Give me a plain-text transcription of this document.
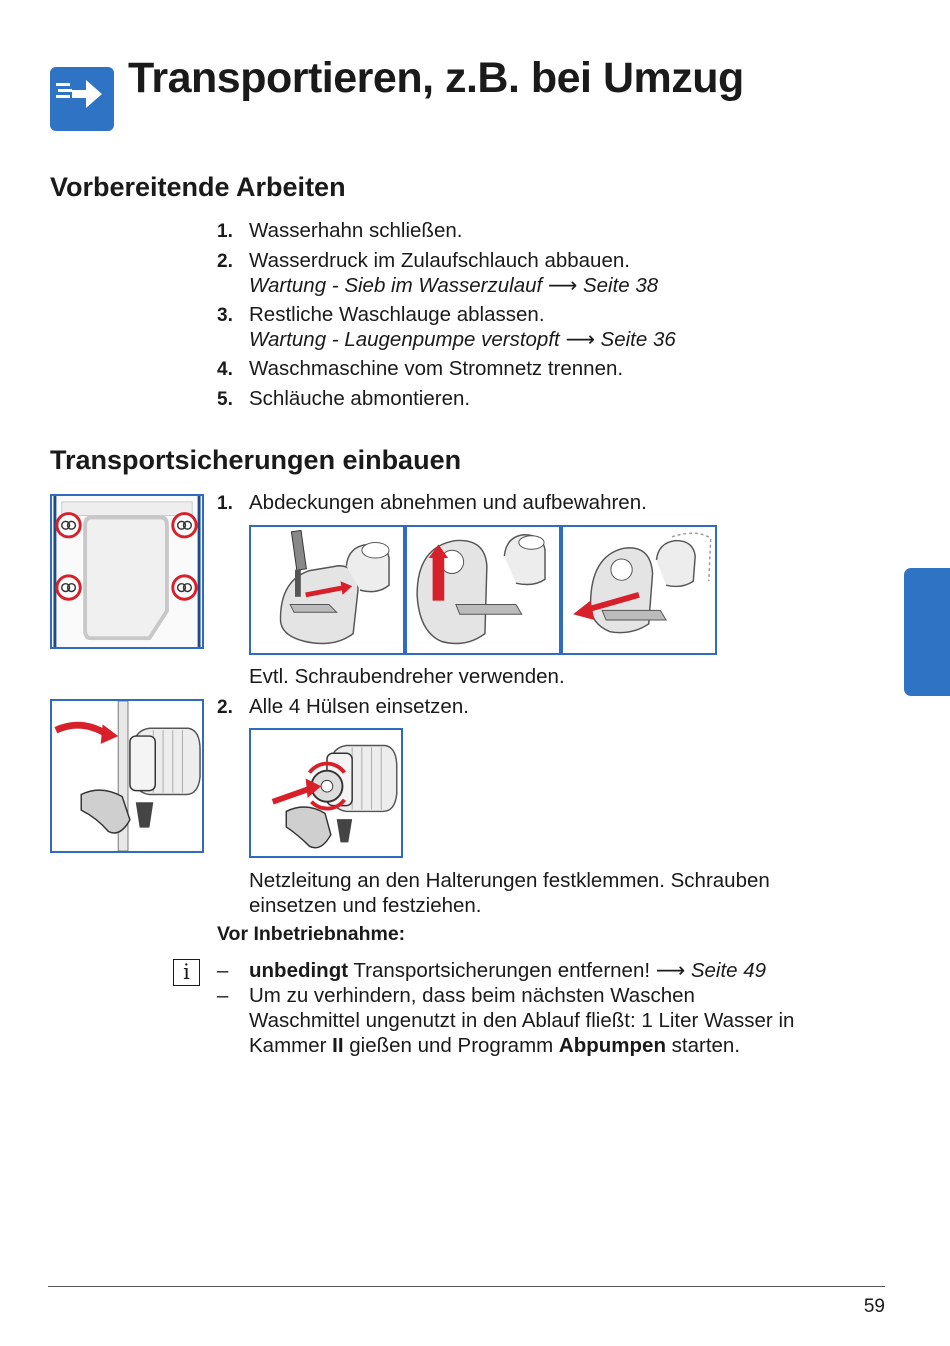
Transportieren, z.B. bei Umzug
Vorbereitende Arbeiten
1. Wasserhahn schließen.
2. Wasserdruck im Zulaufschlauch abbauen.
Wartung - Sieb im Wasserzulauf ⟶ Seite 38
3. Restliche Waschlauge ablassen.
Wartung - Laugenpumpe verstopft ⟶ Seite 36
4. Waschmaschine vom Stromnetz trennen.
5. Schläuche abmontieren.
Transportsicherungen einbauen
1. Abdeckungen abnehmen und aufbewahren.
Evtl. Schraubendreher verwenden.
2. Alle 4 Hülsen einsetzen.
Netzleitung an den Halterungen festklemmen. Schrauben
einsetzen und festziehen.
Vor Inbetriebnahme:
i	– unbedingt Transportsicherungen entfernen! ⟶ Seite 49
– Um zu verhindern, dass beim nächsten Waschen
Waschmittel ungenutzt in den Ablauf fließt: 1 Liter Wasser in
Kammer II gießen und Programm Abpumpen starten.
59
